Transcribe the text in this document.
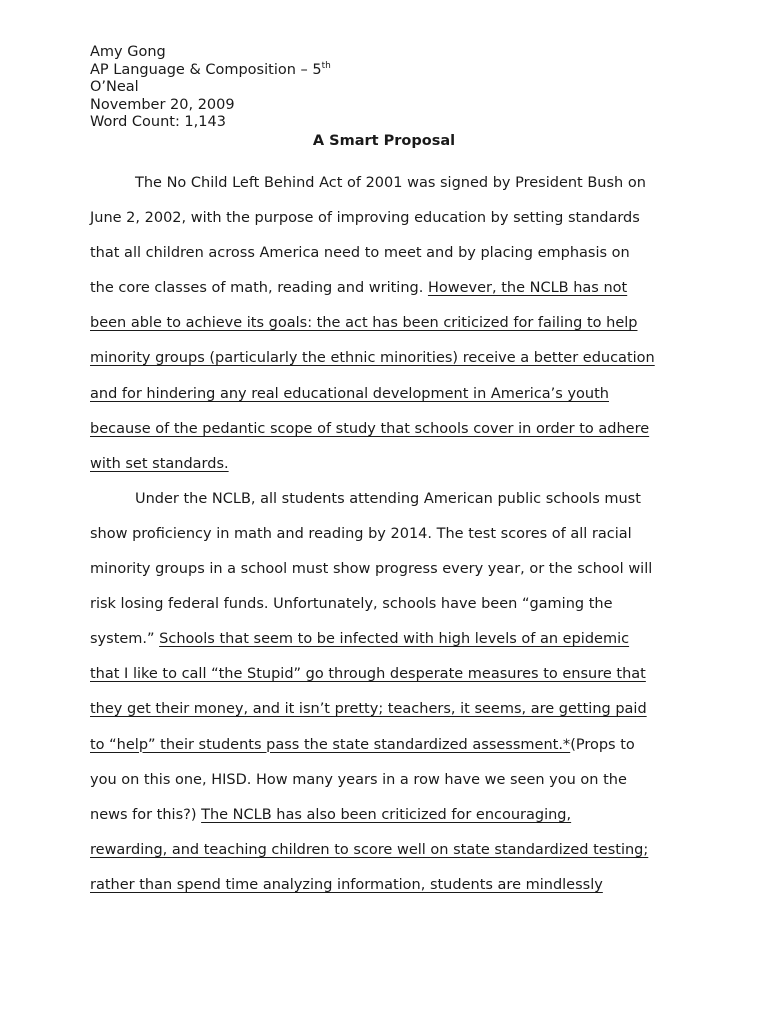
Amy Gong
AP Language & Composition – 5th
O’Neal
November 20, 2009
Word Count: 1,143
A Smart Proposal
The No Child Left Behind Act of 2001 was signed by President Bush on
June 2, 2002, with the purpose of improving education by setting standards
that all children across America need to meet and by placing emphasis on
the core classes of math, reading and writing. However, the NCLB has not
been able to achieve its goals: the act has been criticized for failing to help
minority groups (particularly the ethnic minorities) receive a better education
and for hindering any real educational development in America’s youth
because of the pedantic scope of study that schools cover in order to adhere
with set standards.
Under the NCLB, all students attending American public schools must
show proficiency in math and reading by 2014. The test scores of all racial
minority groups in a school must show progress every year, or the school will
risk losing federal funds. Unfortunately, schools have been “gaming the
system.” Schools that seem to be infected with high levels of an epidemic
that I like to call “the Stupid” go through desperate measures to ensure that
they get their money, and it isn’t pretty; teachers, it seems, are getting paid
to “help” their students pass the state standardized assessment.*(Props to
you on this one, HISD. How many years in a row have we seen you on the
news for this?) The NCLB has also been criticized for encouraging,
rewarding, and teaching children to score well on state standardized testing;
rather than spend time analyzing information, students are mindlessly
